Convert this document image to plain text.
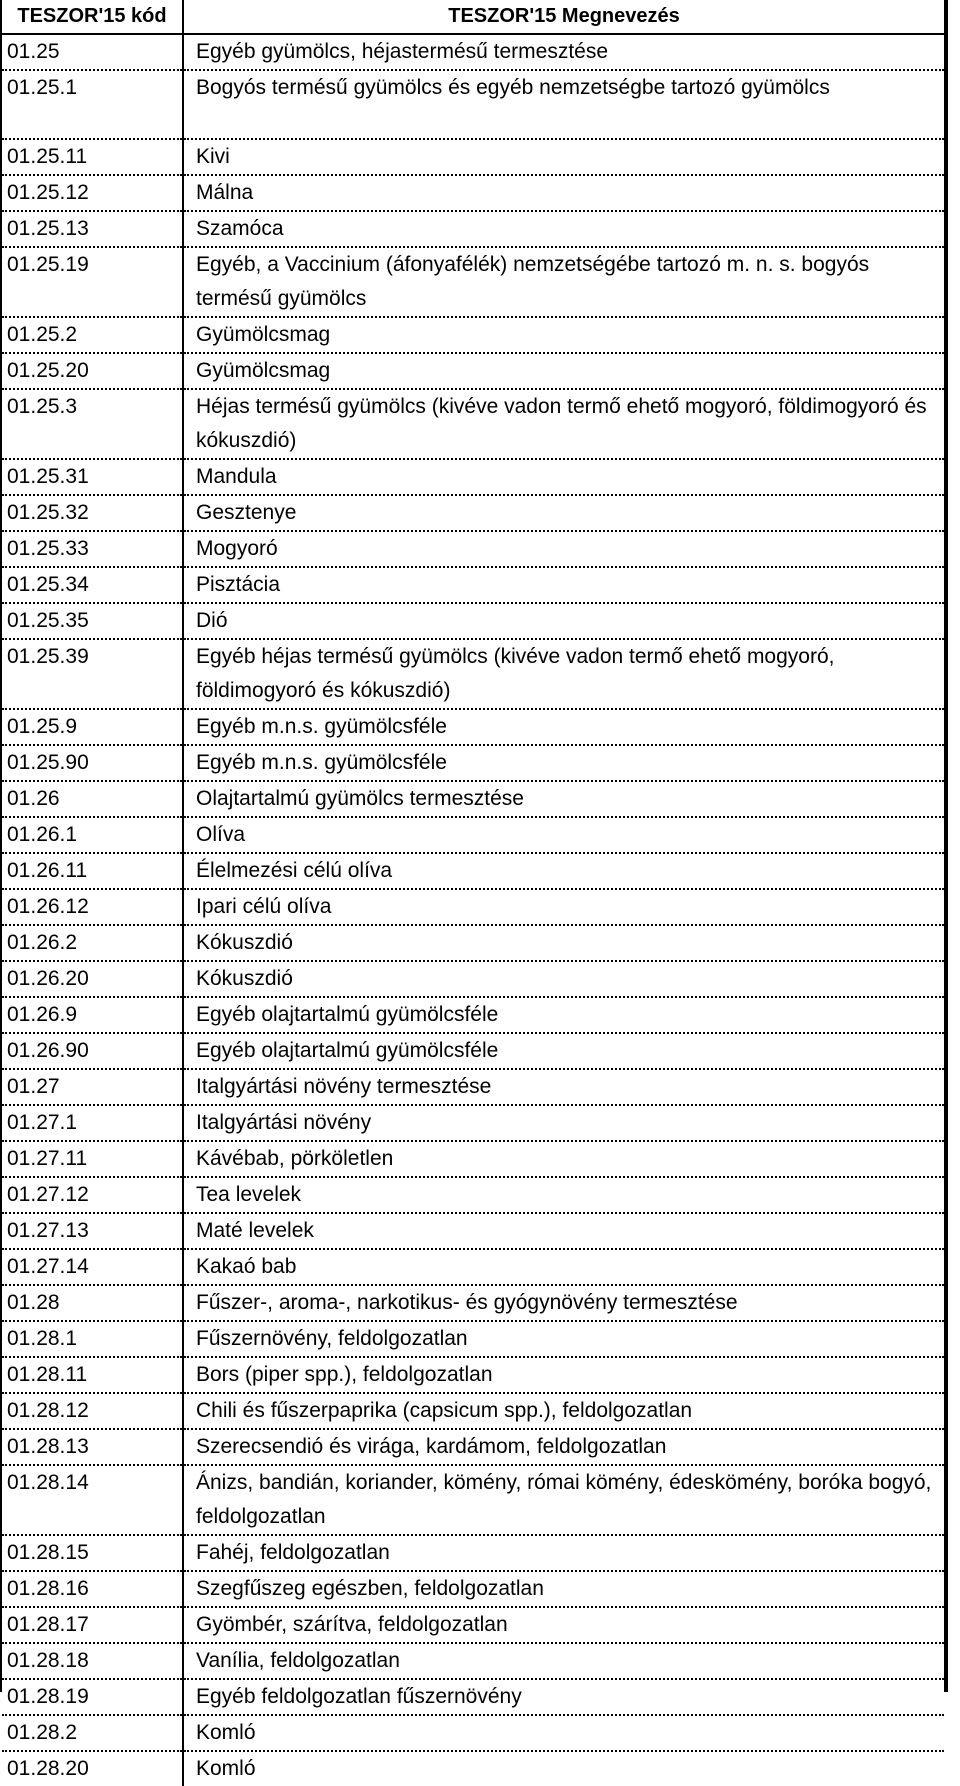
TESZOR'15 kód	TESZOR'15 Megnevezés
01.25	Egyéb gyümölcs, héjastermésű termesztése
01.25.1	Bogyós termésű gyümölcs és egyéb nemzetségbe tartozó gyümölcs
01.25.11	Kivi
01.25.12	Málna
01.25.13	Szamóca
01.25.19	Egyéb, a Vaccinium (áfonyafélék) nemzetségébe tartozó m. n. s. bogyós termésű gyümölcs
01.25.2	Gyümölcsmag
01.25.20	Gyümölcsmag
01.25.3	Héjas termésű gyümölcs (kivéve vadon termő ehető mogyoró, földimogyoró és kókuszdió)
01.25.31	Mandula
01.25.32	Gesztenye
01.25.33	Mogyoró
01.25.34	Pisztácia
01.25.35	Dió
01.25.39	Egyéb héjas termésű gyümölcs (kivéve vadon termő ehető mogyoró, földimogyoró és kókuszdió)
01.25.9	Egyéb m.n.s. gyümölcsféle
01.25.90	Egyéb m.n.s. gyümölcsféle
01.26	Olajtartalmú gyümölcs termesztése
01.26.1	Olíva
01.26.11	Élelmezési célú olíva
01.26.12	Ipari célú olíva
01.26.2	Kókuszdió
01.26.20	Kókuszdió
01.26.9	Egyéb olajtartalmú gyümölcsféle
01.26.90	Egyéb olajtartalmú gyümölcsféle
01.27	Italgyártási növény termesztése
01.27.1	Italgyártási növény
01.27.11	Kávébab, pörköletlen
01.27.12	Tea levelek
01.27.13	Maté levelek
01.27.14	Kakaó bab
01.28	Fűszer-, aroma-, narkotikus- és gyógynövény termesztése
01.28.1	Fűszernövény, feldolgozatlan
01.28.11	Bors (piper spp.), feldolgozatlan
01.28.12	Chili és fűszerpaprika (capsicum spp.), feldolgozatlan
01.28.13	Szerecsendió és virága, kardámom, feldolgozatlan
01.28.14	Ánizs, bandián, koriander, kömény, római kömény, édeskömény, boróka bogyó, feldolgozatlan
01.28.15	Fahéj, feldolgozatlan
01.28.16	Szegfűszeg egészben, feldolgozatlan
01.28.17	Gyömbér, szárítva, feldolgozatlan
01.28.18	Vanília, feldolgozatlan
01.28.19	Egyéb feldolgozatlan fűszernövény
01.28.2	Komló
01.28.20	Komló
